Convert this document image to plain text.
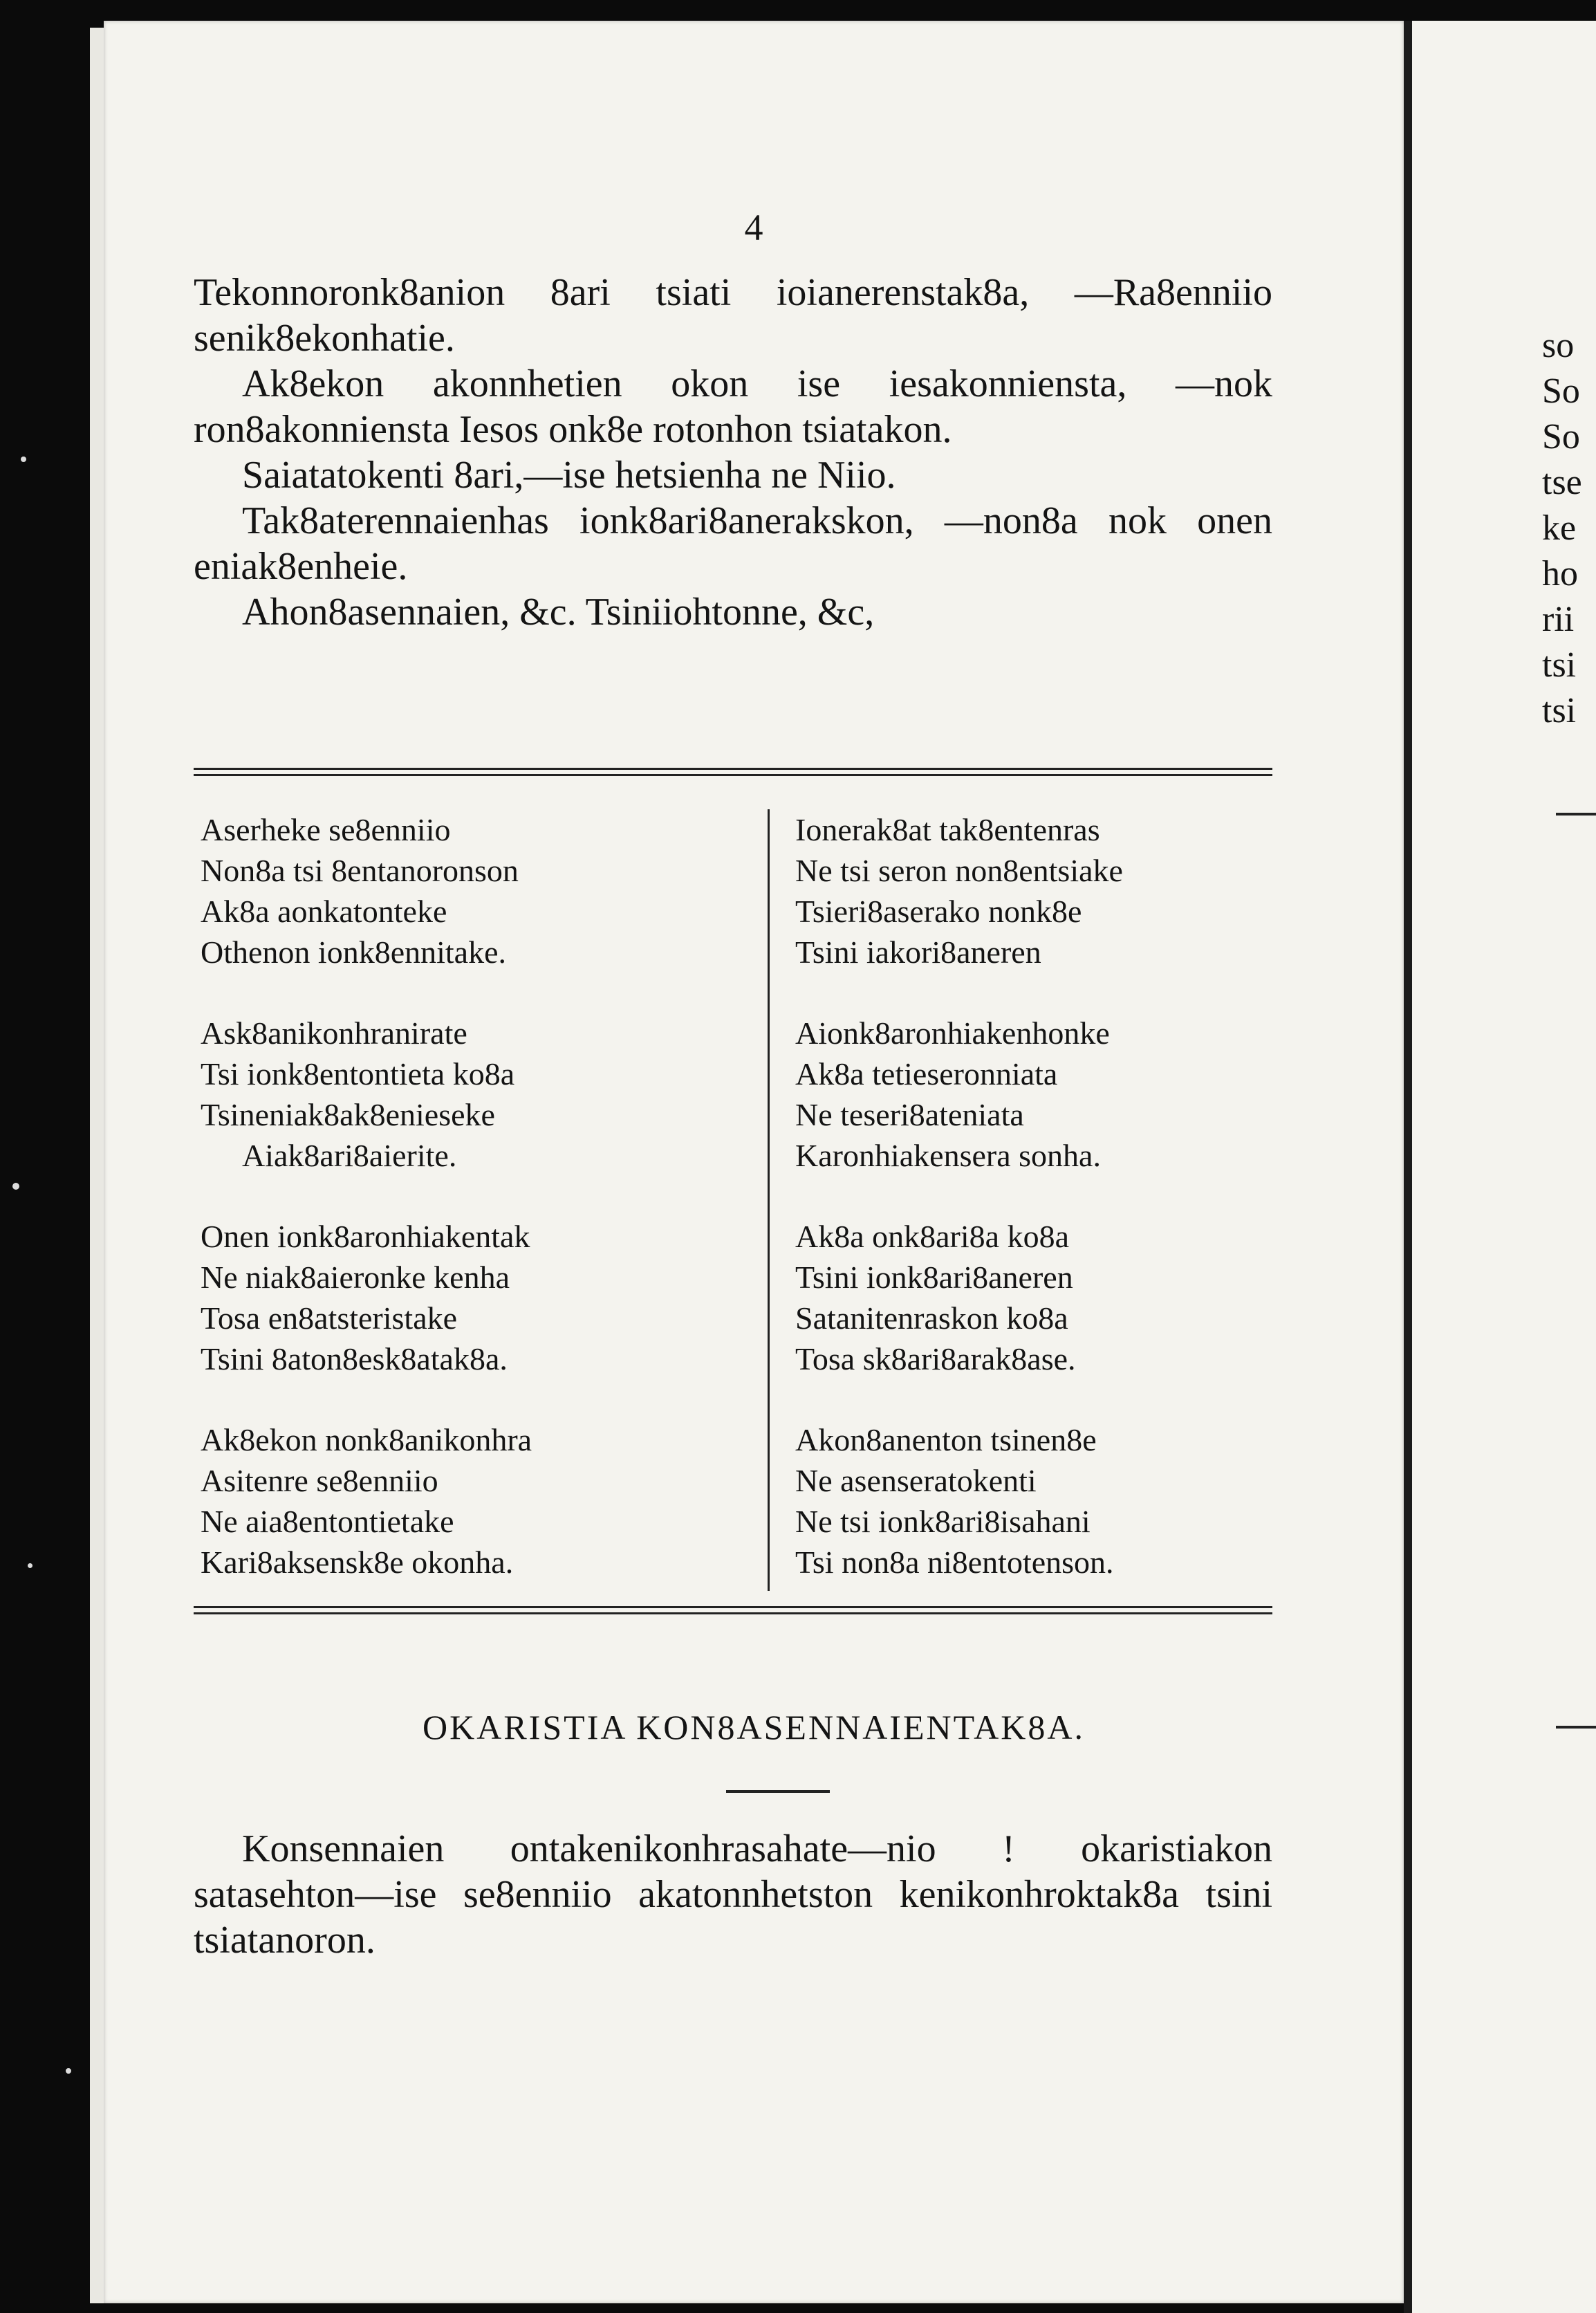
4

Tekonnoronk8anion 8ari tsiati ioianerenstak8a, —Ra8enniio senik8ekonhatie.

Ak8ekon akonnhetien okon ise iesakonniensta, —nok ron8akonniensta Iesos onk8e rotonhon tsiatakon.

Saiatatokenti 8ari,—ise hetsienha ne Niio.

Tak8aterennaienhas ionk8ari8anerakskon, —non8a nok onen eniak8enheie.

Ahon8asennaien, &c. Tsiniiohtonne, &c,

Aserheke se8enniio
Non8a tsi 8entanoronson
Ak8a aonkatonteke
Othenon ionk8ennitake.
Ask8anikonhranirate
Tsi ionk8entontieta ko8a
Tsineniak8ak8enieseke
Aiak8ari8aierite.
Onen ionk8aronhiakentak
Ne niak8aieronke kenha
Tosa en8atsteristake
Tsini 8aton8esk8atak8a.
Ak8ekon nonk8anikonhra
Asitenre se8enniio
Ne aia8entontietake
Kari8aksensk8e okonha.
Ionerak8at tak8entenras
Ne tsi seron non8entsiake
Tsieri8aserako nonk8e
Tsini iakori8aneren
Aionk8aronhiakenhonke
Ak8a tetieseronniata
Ne teseri8ateniata
Karonhiakensera sonha.
Ak8a onk8ari8a ko8a
Tsini ionk8ari8aneren
Satanitenraskon ko8a
Tosa sk8ari8arak8ase.
Akon8anenton tsinen8e
Ne asenseratokenti
Ne tsi ionk8ari8isahani
Tsi non8a ni8entotenson.
OKARISTIA KON8ASENNAIENTAK8A.

Konsennaien ontakenikonhrasahate—nio ! okaristiakon satasehton—ise se8enniio akatonnhetston kenikonhroktak8a tsini tsiatanoron.

so
So
So
tse
ke
ho
rii
tsi
tsi
